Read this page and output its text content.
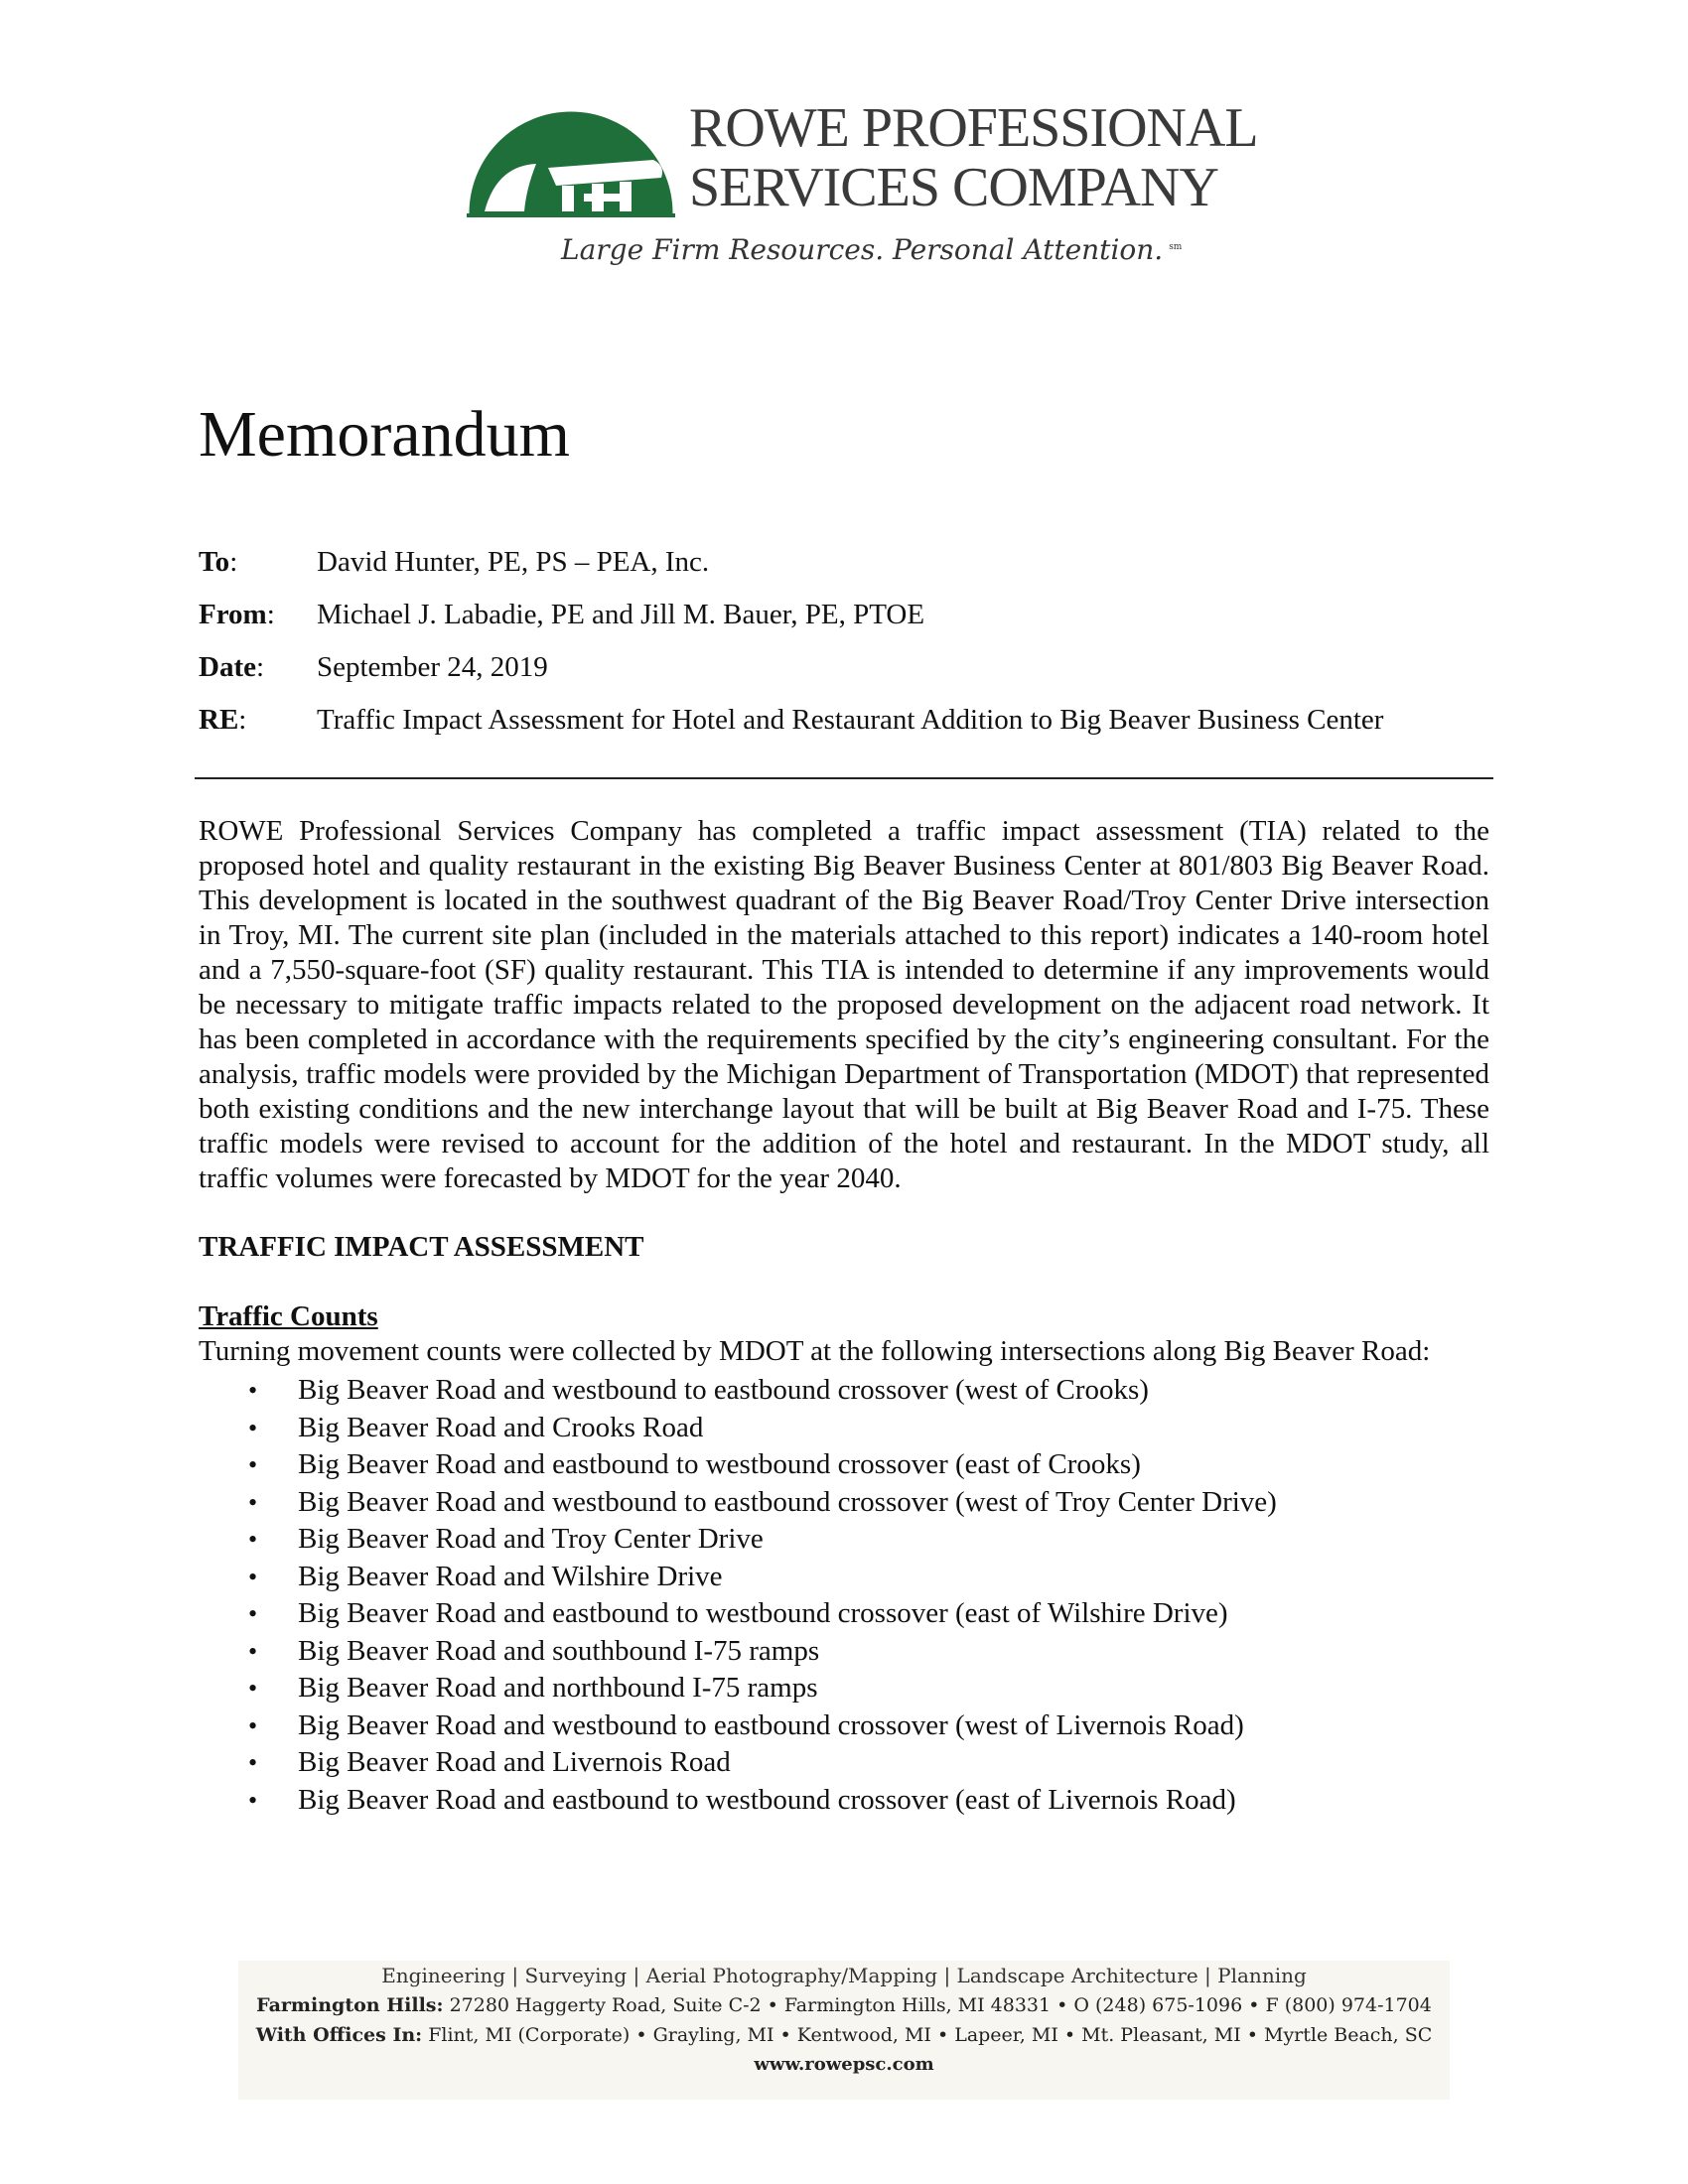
ROWE PROFESSIONAL
SERVICES COMPANY
Large Firm Resources. Personal Attention. $^{sm}$
Memorandum
To:	David Hunter, PE, PS – PEA, Inc.
From: Michael J. Labadie, PE and Jill M. Bauer, PE, PTOE
Date: September 24, 2019
RE: Traffic Impact Assessment for Hotel and Restaurant Addition to Big Beaver Business Center

ROWE Professional Services Company has completed a traffic impact assessment (TIA) related to the proposed hotel and quality restaurant in the existing Big Beaver Business Center at 801/803 Big Beaver Road. This development is located in the southwest quadrant of the Big Beaver Road/Troy Center Drive intersection in Troy, MI. The current site plan (included in the materials attached to this report) indicates a 140-room hotel and a 7,550-square-foot (SF) quality restaurant. This TIA is intended to determine if any improvements would be necessary to mitigate traffic impacts related to the proposed development on the adjacent road network. It has been completed in accordance with the requirements specified by the city’s engineering consultant. For the analysis, traffic models were provided by the Michigan Department of Transportation (MDOT) that represented both existing conditions and the new interchange layout that will be built at Big Beaver Road and I-75. These traffic models were revised to account for the addition of the hotel and restaurant. In the MDOT study, all traffic volumes were forecasted by MDOT for the year 2040.

TRAFFIC IMPACT ASSESSMENT
Traffic Counts

Turning movement counts were collected by MDOT at the following intersections along Big Beaver Road:

• Big Beaver Road and westbound to eastbound crossover (west of Crooks)
• Big Beaver Road and Crooks Road
• Big Beaver Road and eastbound to westbound crossover (east of Crooks)
• Big Beaver Road and westbound to eastbound crossover (west of Troy Center Drive)
• Big Beaver Road and Troy Center Drive
• Big Beaver Road and Wilshire Drive
• Big Beaver Road and eastbound to westbound crossover (east of Wilshire Drive)
• Big Beaver Road and southbound I-75 ramps
• Big Beaver Road and northbound I-75 ramps
• Big Beaver Road and westbound to eastbound crossover (west of Livernois Road)
• Big Beaver Road and Livernois Road
• Big Beaver Road and eastbound to westbound crossover (east of Livernois Road)
Engineering | Surveying | Aerial Photography/Mapping | Landscape Architecture | Planning
Farmington Hills: 27280 Haggerty Road, Suite C-2 • Farmington Hills, MI 48331 • O (248) 675-1096 • F (800) 974-1704
With Offices In: Flint, MI (Corporate) • Grayling, MI • Kentwood, MI • Lapeer, MI • Mt. Pleasant, MI • Myrtle Beach, SC
www.rowepsc.com
